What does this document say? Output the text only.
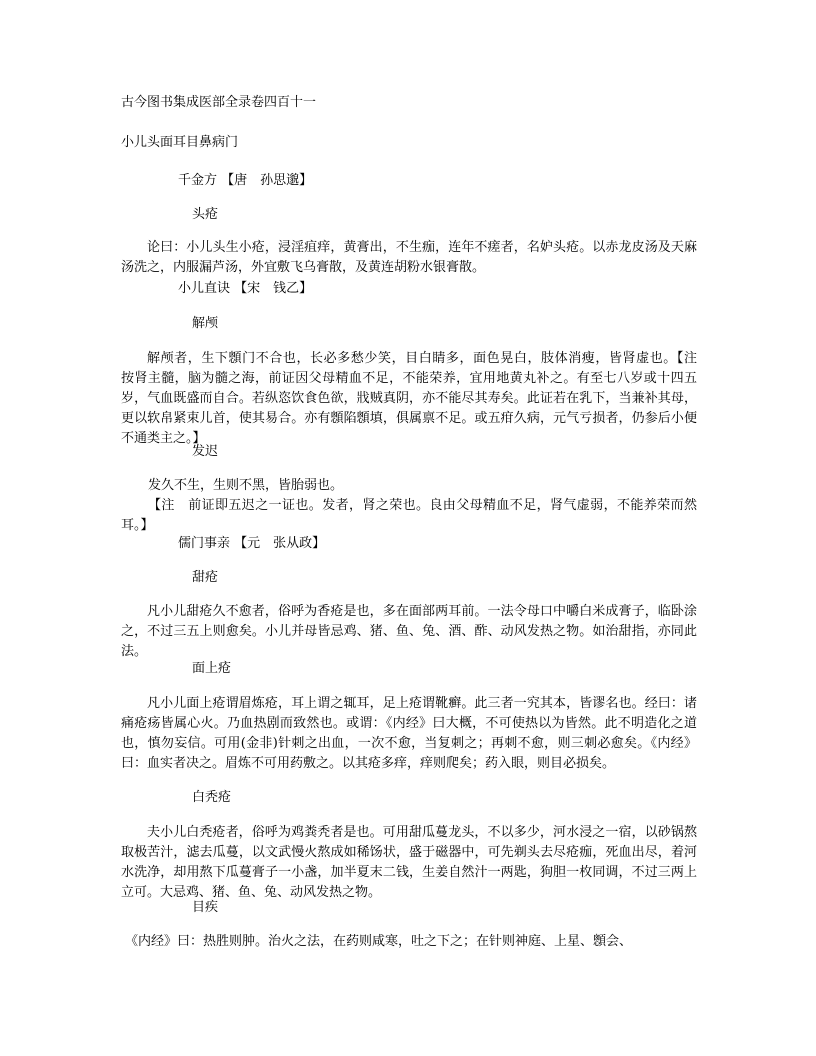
古今图书集成医部全录卷四百十一
小儿头面耳目鼻病门
千金方 【唐　孙思邈】
头疮
论曰：小儿头生小疮，浸淫疽痒，黄膏出，不生痂，连年不瘥者，名妒头疮。以赤龙皮汤及天麻汤洗之，内服漏芦汤，外宜敷飞乌膏散，及黄连胡粉水银膏散。
小儿直诀 【宋　钱乙】
解颅
解颅者，生下顖门不合也，长必多愁少笑，目白睛多，面色晃白，肢体消瘦，皆肾虚也。【注　按肾主髓，脑为髓之海，前证因父母精血不足，不能荣养，宜用地黄丸补之。有至七八岁或十四五岁，气血既盛而自合。若纵恣饮食色欲，戕贼真阴，亦不能尽其寿矣。此证若在乳下，当兼补其母，更以软帛紧束儿首，使其易合。亦有顖陷顖填，俱属禀不足。或五疳久病，元气亏损者，仍参后小便不通类主之。】
发迟
发久不生，生则不黑，皆胎弱也。
【注　前证即五迟之一证也。发者，肾之荣也。良由父母精血不足，肾气虚弱，不能养荣而然耳。】
儒门事亲 【元　张从政】
甜疮
凡小儿甜疮久不愈者，俗呼为香疮是也，多在面部两耳前。一法令母口中嚼白米成膏子，临卧涂之，不过三五上则愈矣。小儿并母皆忌鸡、猪、鱼、兔、酒、酢、动风发热之物。如治甜指，亦同此法。
面上疮
凡小儿面上疮谓眉炼疮，耳上谓之辄耳，足上疮谓靴癣。此三者一究其本，皆谬名也。经曰：诸痛疮疡皆属心火。乃血热剧而致然也。或谓：《内经》曰大概，不可使热以为皆然。此不明造化之道也，慎勿妄信。可用(金非)针刺之出血，一次不愈，当复刺之；再刺不愈，则三刺必愈矣。《内经》曰：血实者决之。眉炼不可用药敷之。以其疮多痒，痒则爬矣；药入眼，则目必损矣。
白秃疮
夫小儿白秃疮者，俗呼为鸡粪秃者是也。可用甜瓜蔓龙头，不以多少，河水浸之一宿，以砂锅熬取极苦汁，滤去瓜蔓，以文武慢火熬成如稀饧状，盛于磁器中，可先剃头去尽疮痂，死血出尽，着河水洗净，却用熬下瓜蔓膏子一小盏，加半夏末二钱，生姜自然汁一两匙，狗胆一枚同调，不过三两上立可。大忌鸡、猪、鱼、兔、动风发热之物。
目疾
《内经》曰：热胜则肿。治火之法，在药则咸寒，吐之下之；在针则神庭、上星、顖会、
